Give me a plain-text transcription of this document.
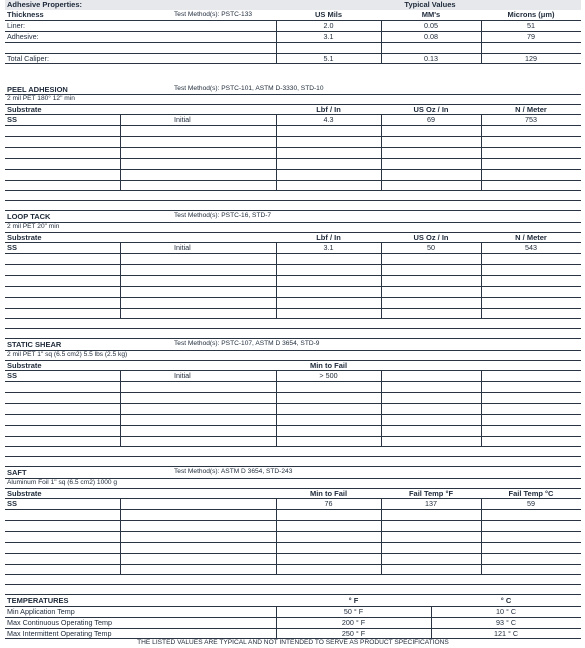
Adhesive Properties:	Typical Values
Thickness	Test Method(s): PSTC-133	US Mils	MM's	Microns (μm)
Liner:	2.0	0.05	51
Adhesive:	3.1	0.08	79
Total Caliper:	5.1	0.13	129
PEEL ADHESION	Test Method(s): PSTC-101, ASTM D-3330, STD-10
2 mil PET 180° 12" min
Substrate	Lbf / In	US Oz / In	N / Meter
SS	Initial	4.3	69	753
LOOP TACK	Test Method(s): PSTC-16, STD-7
2 mil PET 20" min
Substrate	Lbf / In	US Oz / In	N / Meter
SS	Initial	3.1	50	543
STATIC SHEAR	Test Method(s): PSTC-107, ASTM D 3654, STD-9
2 mil PET 1" sq (6.5 cm2) 5.5 lbs (2.5 kg)
Substrate	Min to Fail
SS	Initial	> 500
SAFT	Test Method(s): ASTM D 3654, STD-243
Aluminum Foil 1" sq (6.5 cm2) 1000 g
Substrate	Min to Fail	Fail Temp °F	Fail Temp °C
SS	76	137	59
TEMPERATURES	° F	° C
Min Application Temp	50 ° F	10 ° C
Max Continuous Operating Temp	200 ° F	93 ° C
Max Intermittent Operating Temp	250 ° F	121 ° C
THE LISTED VALUES ARE TYPICAL AND NOT INTENDED TO SERVE AS PRODUCT SPECIFICATIONS
